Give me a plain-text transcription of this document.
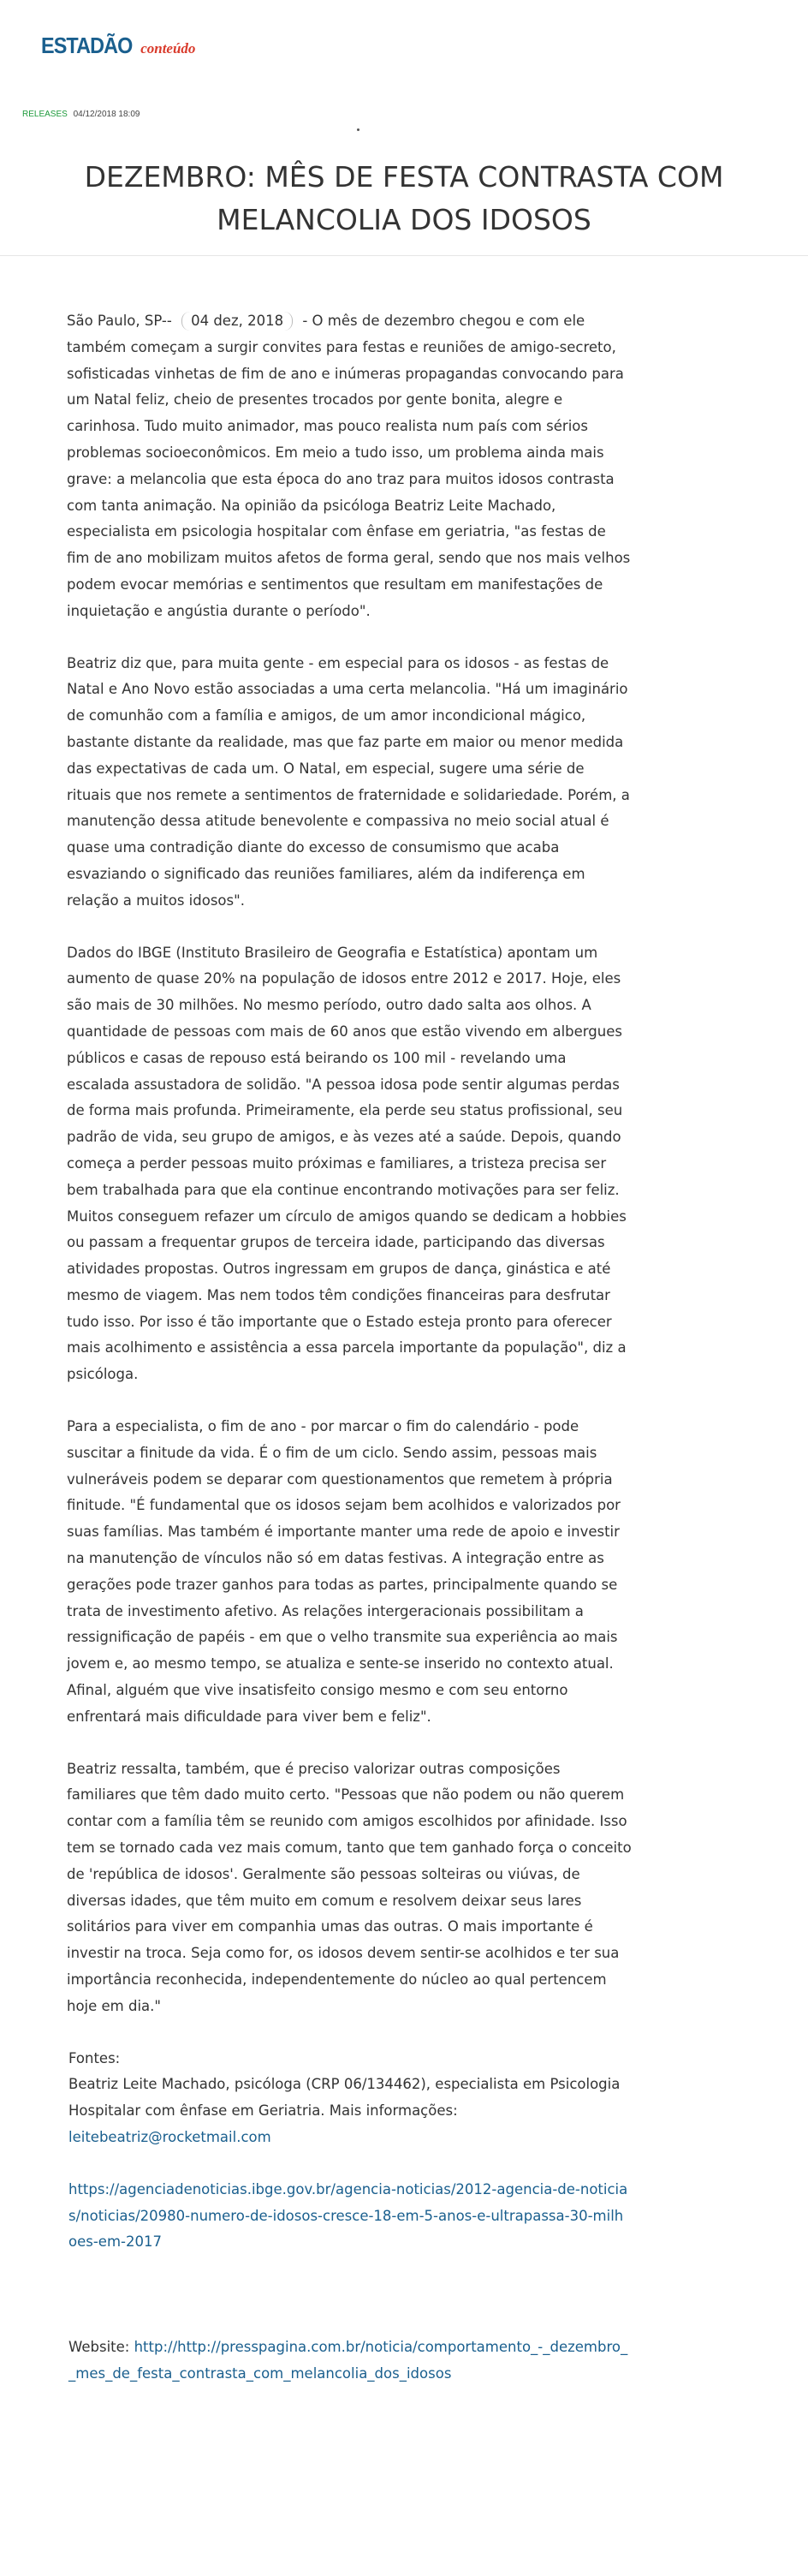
ESTADÃO conteúdo
RELEASES 04/12/2018 18:09
DEZEMBRO: MÊS DE FESTA CONTRASTA COM MELANCOLIA DOS IDOSOS

São Paulo, SP-- 04 dez, 2018 - O mês de dezembro chegou e com ele também começam a surgir convites para festas e reuniões de amigo-secreto, sofisticadas vinhetas de fim de ano e inúmeras propagandas convocando para um Natal feliz, cheio de presentes trocados por gente bonita, alegre e carinhosa. Tudo muito animador, mas pouco realista num país com sérios problemas socioeconômicos. Em meio a tudo isso, um problema ainda mais grave: a melancolia que esta época do ano traz para muitos idosos contrasta com tanta animação. Na opinião da psicóloga Beatriz Leite Machado, especialista em psicologia hospitalar com ênfase em geriatria, "as festas de fim de ano mobilizam muitos afetos de forma geral, sendo que nos mais velhos podem evocar memórias e sentimentos que resultam em manifestações de inquietação e angústia durante o período".

Beatriz diz que, para muita gente - em especial para os idosos - as festas de Natal e Ano Novo estão associadas a uma certa melancolia. "Há um imaginário de comunhão com a família e amigos, de um amor incondicional mágico, bastante distante da realidade, mas que faz parte em maior ou menor medida das expectativas de cada um. O Natal, em especial, sugere uma série de rituais que nos remete a sentimentos de fraternidade e solidariedade. Porém, a manutenção dessa atitude benevolente e compassiva no meio social atual é quase uma contradição diante do excesso de consumismo que acaba esvaziando o significado das reuniões familiares, além da indiferença em relação a muitos idosos".

Dados do IBGE (Instituto Brasileiro de Geografia e Estatística) apontam um aumento de quase 20% na população de idosos entre 2012 e 2017. Hoje, eles são mais de 30 milhões. No mesmo período, outro dado salta aos olhos. A quantidade de pessoas com mais de 60 anos que estão vivendo em albergues públicos e casas de repouso está beirando os 100 mil - revelando uma escalada assustadora de solidão. "A pessoa idosa pode sentir algumas perdas de forma mais profunda. Primeiramente, ela perde seu status profissional, seu padrão de vida, seu grupo de amigos, e às vezes até a saúde. Depois, quando começa a perder pessoas muito próximas e familiares, a tristeza precisa ser bem trabalhada para que ela continue encontrando motivações para ser feliz. Muitos conseguem refazer um círculo de amigos quando se dedicam a hobbies ou passam a frequentar grupos de terceira idade, participando das diversas atividades propostas. Outros ingressam em grupos de dança, ginástica e até mesmo de viagem. Mas nem todos têm condições financeiras para desfrutar tudo isso. Por isso é tão importante que o Estado esteja pronto para oferecer mais acolhimento e assistência a essa parcela importante da população", diz a psicóloga.

Para a especialista, o fim de ano - por marcar o fim do calendário - pode suscitar a finitude da vida. É o fim de um ciclo. Sendo assim, pessoas mais vulneráveis podem se deparar com questionamentos que remetem à própria finitude. "É fundamental que os idosos sejam bem acolhidos e valorizados por suas famílias. Mas também é importante manter uma rede de apoio e investir na manutenção de vínculos não só em datas festivas. A integração entre as gerações pode trazer ganhos para todas as partes, principalmente quando se trata de investimento afetivo. As relações intergeracionais possibilitam a ressignificação de papéis - em que o velho transmite sua experiência ao mais jovem e, ao mesmo tempo, se atualiza e sente-se inserido no contexto atual. Afinal, alguém que vive insatisfeito consigo mesmo e com seu entorno enfrentará mais dificuldade para viver bem e feliz".

Beatriz ressalta, também, que é preciso valorizar outras composições familiares que têm dado muito certo. "Pessoas que não podem ou não querem contar com a família têm se reunido com amigos escolhidos por afinidade. Isso tem se tornado cada vez mais comum, tanto que tem ganhado força o conceito de 'república de idosos'. Geralmente são pessoas solteiras ou viúvas, de diversas idades, que têm muito em comum e resolvem deixar seus lares solitários para viver em companhia umas das outras. O mais importante é investir na troca. Seja como for, os idosos devem sentir-se acolhidos e ter sua importância reconhecida, independentemente do núcleo ao qual pertencem hoje em dia."

Fontes:

Beatriz Leite Machado, psicóloga (CRP 06/134462), especialista em Psicologia Hospitalar com ênfase em Geriatria. Mais informações:

leitebeatriz@rocketmail.com

https://agenciadenoticias.ibge.gov.br/agencia-noticias/2012-agencia-de-noticias/noticias/20980-numero-de-idosos-cresce-18-em-5-anos-e-ultrapassa-30-milhoes-em-2017

Website: http://http://presspagina.com.br/noticia/comportamento_-_dezembro__mes_de_festa_contrasta_com_melancolia_dos_idosos
